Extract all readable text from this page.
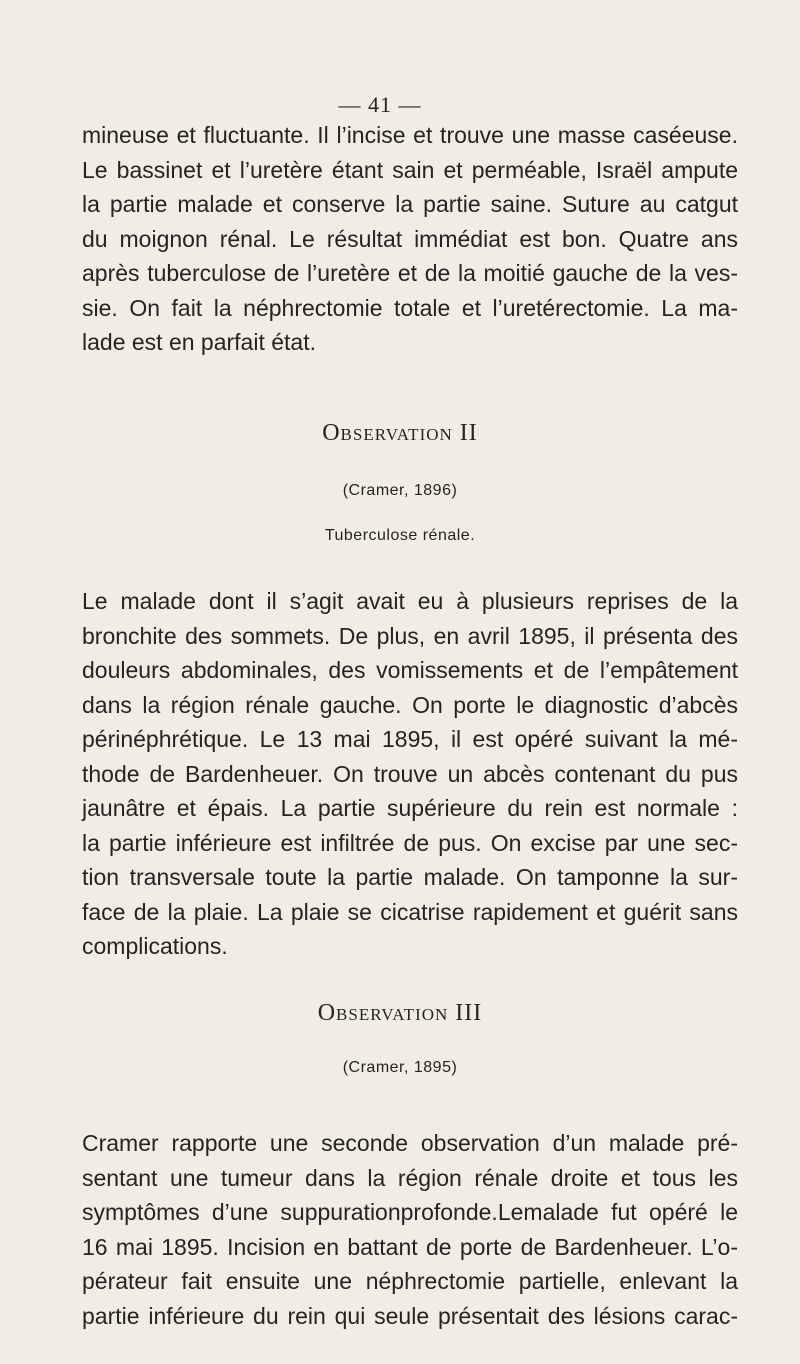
— 41 —
mineuse et fluctuante. Il l’incise et trouve une masse caséeuse.
Le bassinet et l’uretère étant sain et perméable, Israël ampute
la partie malade et conserve la partie saine. Suture au catgut
du moignon rénal. Le résultat immédiat est bon. Quatre ans
après tuberculose de l’uretère et de la moitié gauche de la ves-
sie. On fait la néphrectomie totale et l’uretérectomie. La ma-
lade est en parfait état.
Observation II
(Cramer, 1896)
Tuberculose rénale.
Le malade dont il s’agit avait eu à plusieurs reprises de la
bronchite des sommets. De plus, en avril 1895, il présenta des
douleurs abdominales, des vomissements et de l’empâtement
dans la région rénale gauche. On porte le diagnostic d’abcès
périnéphrétique. Le 13 mai 1895, il est opéré suivant la mé-
thode de Bardenheuer. On trouve un abcès contenant du pus
jaunâtre et épais. La partie supérieure du rein est normale :
la partie inférieure est infiltrée de pus. On excise par une sec-
tion transversale toute la partie malade. On tamponne la sur-
face de la plaie. La plaie se cicatrise rapidement et guérit sans
complications.
Observation III
(Cramer, 1895)
Cramer rapporte une seconde observation d’un malade pré-
sentant une tumeur dans la région rénale droite et tous les
symptômes d’une suppurationprofonde.Lemalade fut opéré le
16 mai 1895. Incision en battant de porte de Bardenheuer. L’o-
pérateur fait ensuite une néphrectomie partielle, enlevant la
partie inférieure du rein qui seule présentait des lésions carac-
